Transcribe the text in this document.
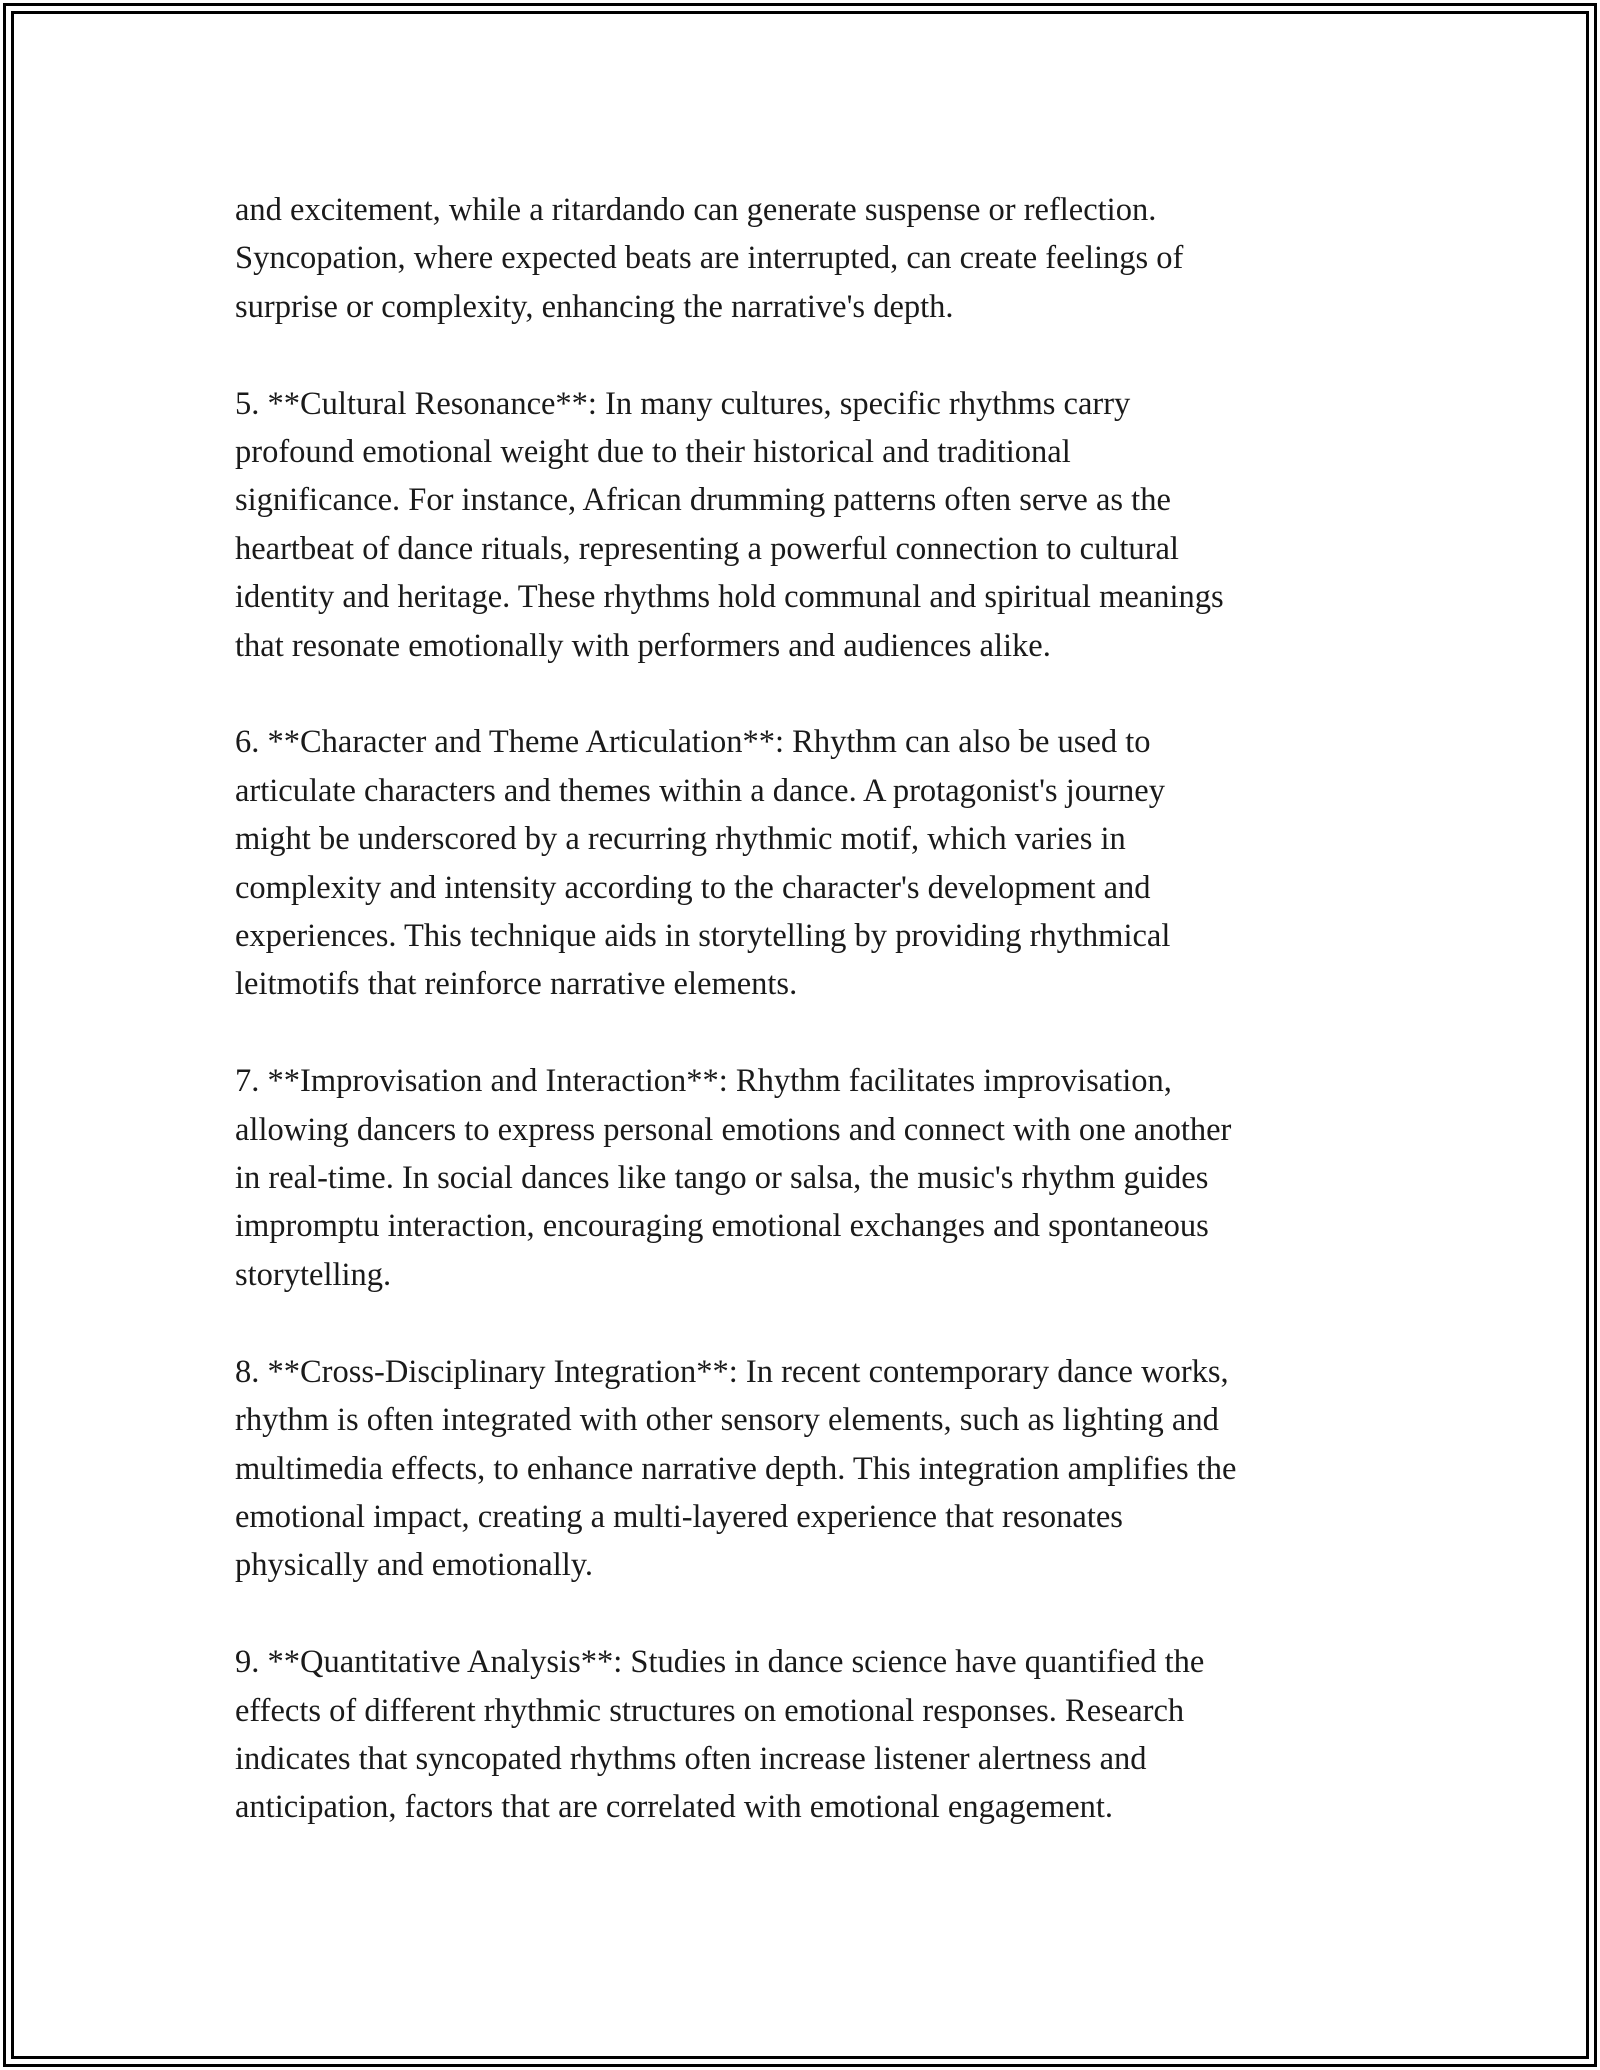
and excitement, while a ritardando can generate suspense or reflection.
Syncopation, where expected beats are interrupted, can create feelings of
surprise or complexity, enhancing the narrative's depth.

5. **Cultural Resonance**: In many cultures, specific rhythms carry
profound emotional weight due to their historical and traditional
significance. For instance, African drumming patterns often serve as the
heartbeat of dance rituals, representing a powerful connection to cultural
identity and heritage. These rhythms hold communal and spiritual meanings
that resonate emotionally with performers and audiences alike.

6. **Character and Theme Articulation**: Rhythm can also be used to
articulate characters and themes within a dance. A protagonist's journey
might be underscored by a recurring rhythmic motif, which varies in
complexity and intensity according to the character's development and
experiences. This technique aids in storytelling by providing rhythmical
leitmotifs that reinforce narrative elements.

7. **Improvisation and Interaction**: Rhythm facilitates improvisation,
allowing dancers to express personal emotions and connect with one another
in real-time. In social dances like tango or salsa, the music's rhythm guides
impromptu interaction, encouraging emotional exchanges and spontaneous
storytelling.

8. **Cross-Disciplinary Integration**: In recent contemporary dance works,
rhythm is often integrated with other sensory elements, such as lighting and
multimedia effects, to enhance narrative depth. This integration amplifies the
emotional impact, creating a multi-layered experience that resonates
physically and emotionally.

9. **Quantitative Analysis**: Studies in dance science have quantified the
effects of different rhythmic structures on emotional responses. Research
indicates that syncopated rhythms often increase listener alertness and
anticipation, factors that are correlated with emotional engagement.
